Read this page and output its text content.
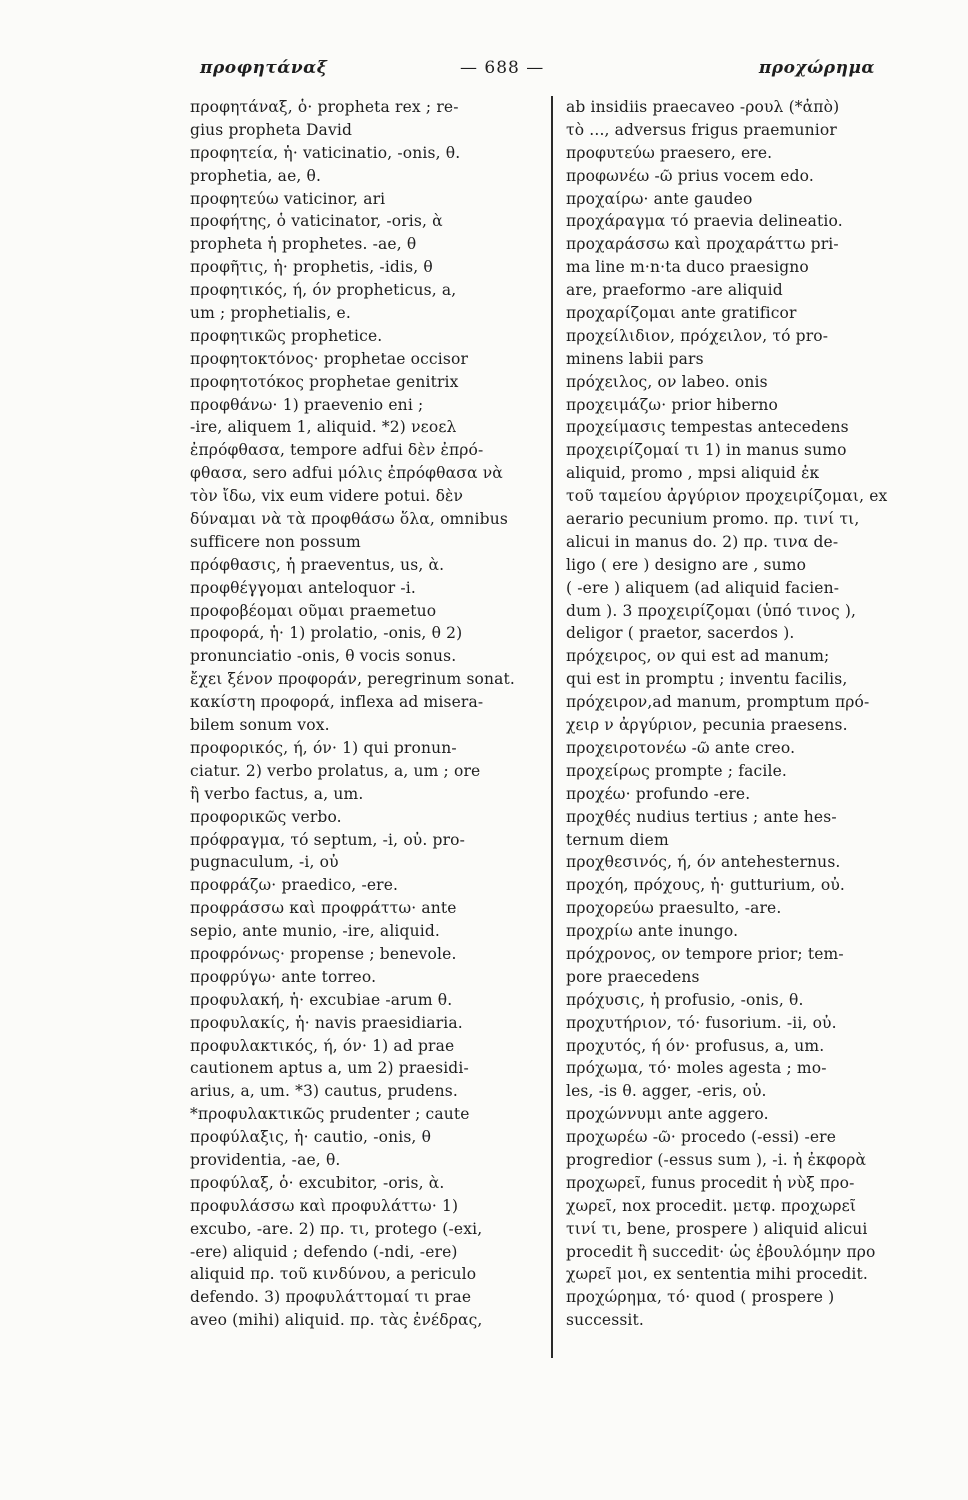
προφητάναξ	— 688 —	προχώρημα
προφητάναξ, ὁ· propheta rex ; re-
gius propheta David
προφητεία, ἡ· vaticinatio, -onis, θ.
prophetia, ae, θ.
προφητεύω vaticinor, ari
προφήτης, ὁ vaticinator, -oris, ὰ
propheta ἡ prophetes. -ae, θ
προφῆτις, ἡ· prophetis, -idis, θ
προφητικός, ή, όν propheticus, a,
um ; prophetialis, e.
προφητικῶς prophetice.
προφητοκτόνος· prophetae occisor
προφητοτόκος prophetae genitrix
προφθάνω· 1) praevenio eni ;
-ire, aliquem 1, aliquid. *2) νεοελ
ἐπρόφθασα, tempore adfui δὲν ἐπρό-
φθασα, sero adfui μόλις ἐπρόφθασα νὰ
τὸν ἴδω, vix eum videre potui. δὲν
δύναμαι νὰ τὰ προφθάσω ὅλα, omnibus
sufficere non possum
πρόφθασις, ἡ praeventus, us, ὰ.
προφθέγγομαι anteloquor -i.
προφοβέομαι οῦμαι praemetuo
προφορά, ἡ· 1) prolatio, -onis, θ 2)
pronunciatio -onis, θ vocis sonus.
ἔχει ξένον προφοράν, peregrinum sonat.
κακίστη προφορά, inflexa ad misera-
bilem sonum vox.
προφορικός, ή, όν· 1) qui pronun-
ciatur. 2) verbo prolatus, a, um ; ore
ἢ verbo factus, a, um.
προφορικῶς verbo.
πρόφραγμα, τό septum, -i, οὐ. pro-
pugnaculum, -i, οὐ
προφράζω· praedico, -ere.
προφράσσω καὶ προφράττω· ante
sepio, ante munio, -ire, aliquid.
προφρόνως· propense ; benevole.
προφρύγω· ante torreo.
προφυλακή, ἡ· excubiae -arum θ.
προφυλακίς, ἡ· navis praesidiaria.
προφυλακτικός, ή, όν· 1) ad prae
cautionem aptus a, um 2) praesidi-
arius, a, um. *3) cautus, prudens.
*προφυλακτικῶς prudenter ; caute
προφύλαξις, ἡ· cautio, -onis, θ
providentia, -ae, θ.
προφύλαξ, ὁ· excubitor, -oris, ὰ.
προφυλάσσω καὶ προφυλάττω· 1)
excubo, -are. 2) πρ. τι, protego (-exi,
-ere) aliquid ; defendo (-ndi, -ere)
aliquid πρ. τοῦ κινδύνου, a periculo
defendo. 3) προφυλάττομαί τι prae
aveo (mihi) aliquid. πρ. τὰς ἐνέδρας,
ab insidiis praecaveo -ρουλ (*ἀπὸ)
τὸ ..., adversus frigus praemunior
προφυτεύω praesero, ere.
προφωνέω -ῶ prius vocem edo.
προχαίρω· ante gaudeo
προχάραγμα τό praevia delineatio.
προχαράσσω καὶ προχαράττω pri-
ma line m·n·ta duco praesigno
are, praeformo -are aliquid
προχαρίζομαι ante gratificor
προχείλιδιον, πρόχειλον, τό pro-
minens labii pars
πρόχειλος, ον labeo. onis
προχειμάζω· prior hiberno
προχείμασις tempestas antecedens
προχειρίζομαί τι 1) in manus sumo
aliquid, promo , mpsi aliquid ἐκ
τοῦ ταμείου ἀργύριον προχειρίζομαι, ex
aerario pecunium promo. πρ. τινί τι,
alicui in manus do. 2) πρ. τινα de-
ligo ( ere ) designo are , sumo
( -ere ) aliquem (ad aliquid facien-
dum ). 3 προχειρίζομαι (ὑπό τινος ),
deligor ( praetor, sacerdos ).
πρόχειρος, ον qui est ad manum;
qui est in promptu ; inventu facilis,
πρόχειρον,ad manum, promptum πρό-
χειρ ν ἀργύριον, pecunia praesens.
προχειροτονέω -ῶ ante creo.
προχείρως prompte ; facile.
προχέω· profundo -ere.
προχθές nudius tertius ; ante hes-
ternum diem
προχθεσινός, ή, όν antehesternus.
προχόη, πρόχους, ἡ· gutturium, οὐ.
προχορεύω praesulto, -are.
προχρίω ante inungo.
πρόχρονος, ον tempore prior; tem-
pore praecedens
πρόχυσις, ἡ profusio, -onis, θ.
προχυτήριον, τό· fusorium. -ii, οὐ.
προχυτός, ή όν· profusus, a, um.
πρόχωμα, τό· moles agesta ; mo-
les, -is θ. agger, -eris, οὐ.
προχώννυμι ante aggero.
προχωρέω -ῶ· procedo (-essi) -ere
progredior (-essus sum ), -i. ἡ ἐκφορὰ
προχωρεῖ, funus procedit ἡ νὺξ προ-
χωρεῖ, nox procedit. μετφ. προχωρεῖ
τινί τι, bene, prospere ) aliquid alicui
procedit ἢ succedit· ὡς ἐβουλόμην προ
χωρεῖ μοι, ex sententia mihi procedit.
προχώρημα, τό· quod ( prospere )
successit.
